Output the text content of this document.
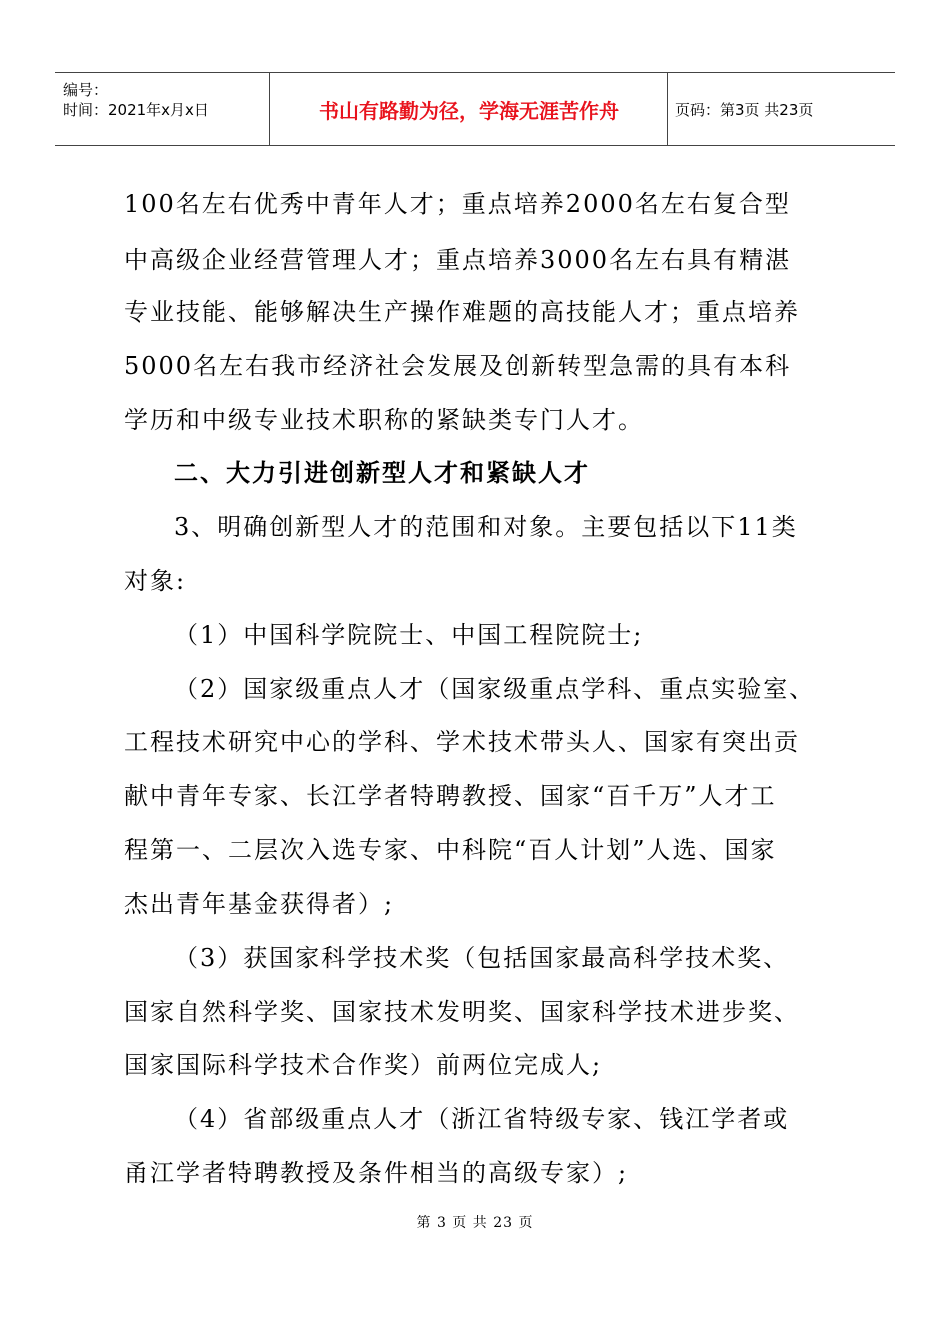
编号：
时间：2021年x月x日	书山有路勤为径，学海无涯苦作舟	页码：第3页 共23页
100名左右优秀中青年人才；重点培养2000名左右复合型
中高级企业经营管理人才；重点培养3000名左右具有精湛
专业技能、能够解决生产操作难题的高技能人才；重点培养
5000名左右我市经济社会发展及创新转型急需的具有本科
学历和中级专业技术职称的紧缺类专门人才。
二、大力引进创新型人才和紧缺人才
3、明确创新型人才的范围和对象。主要包括以下11类
对象:
（1）中国科学院院士、中国工程院院士;
（2）国家级重点人才（国家级重点学科、重点实验室、
工程技术研究中心的学科、学术技术带头人、国家有突出贡
献中青年专家、长江学者特聘教授、国家“百千万”人才工
程第一、二层次入选专家、中科院“百人计划”人选、国家
杰出青年基金获得者）;
（3）获国家科学技术奖（包括国家最高科学技术奖、
国家自然科学奖、国家技术发明奖、国家科学技术进步奖、
国家国际科学技术合作奖）前两位完成人;
（4）省部级重点人才（浙江省特级专家、钱江学者或
甬江学者特聘教授及条件相当的高级专家）;
第 3 页 共 23 页
